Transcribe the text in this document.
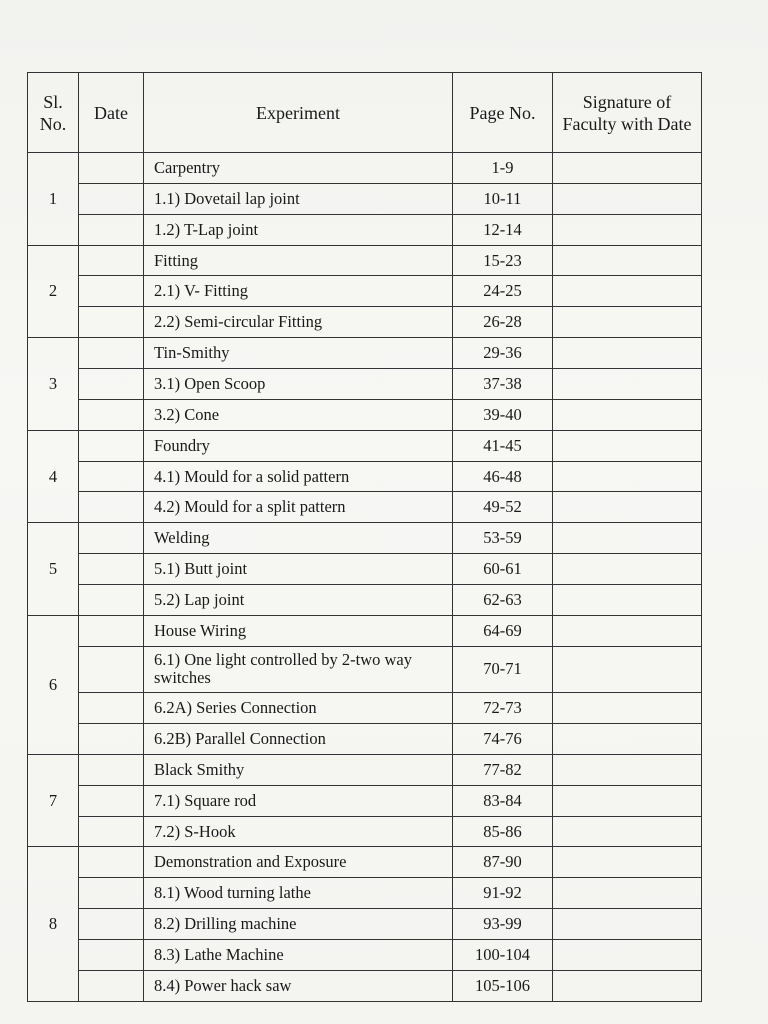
Sl. No.	Date	Experiment	Page No.	Signature of Faculty with Date
1		Carpentry	1-9	
		1.1) Dovetail lap joint	10-11	
		1.2) T-Lap joint	12-14	
2		Fitting	15-23	
		2.1) V- Fitting	24-25	
		2.2) Semi-circular Fitting	26-28	
3		Tin-Smithy	29-36	
		3.1) Open Scoop	37-38	
		3.2) Cone	39-40	
4		Foundry	41-45	
		4.1) Mould for a solid pattern	46-48	
		4.2) Mould for a split pattern	49-52	
5		Welding	53-59	
		5.1) Butt joint	60-61	
		5.2) Lap joint	62-63	
6		House Wiring	64-69	
		6.1) One light controlled by 2-two way switches	70-71	
		6.2A) Series Connection	72-73	
		6.2B) Parallel Connection	74-76	
7		Black Smithy	77-82	
		7.1) Square rod	83-84	
		7.2) S-Hook	85-86	
8		Demonstration and Exposure	87-90	
		8.1) Wood turning lathe	91-92	
		8.2) Drilling machine	93-99	
		8.3) Lathe Machine	100-104	
		8.4) Power hack saw	105-106	
